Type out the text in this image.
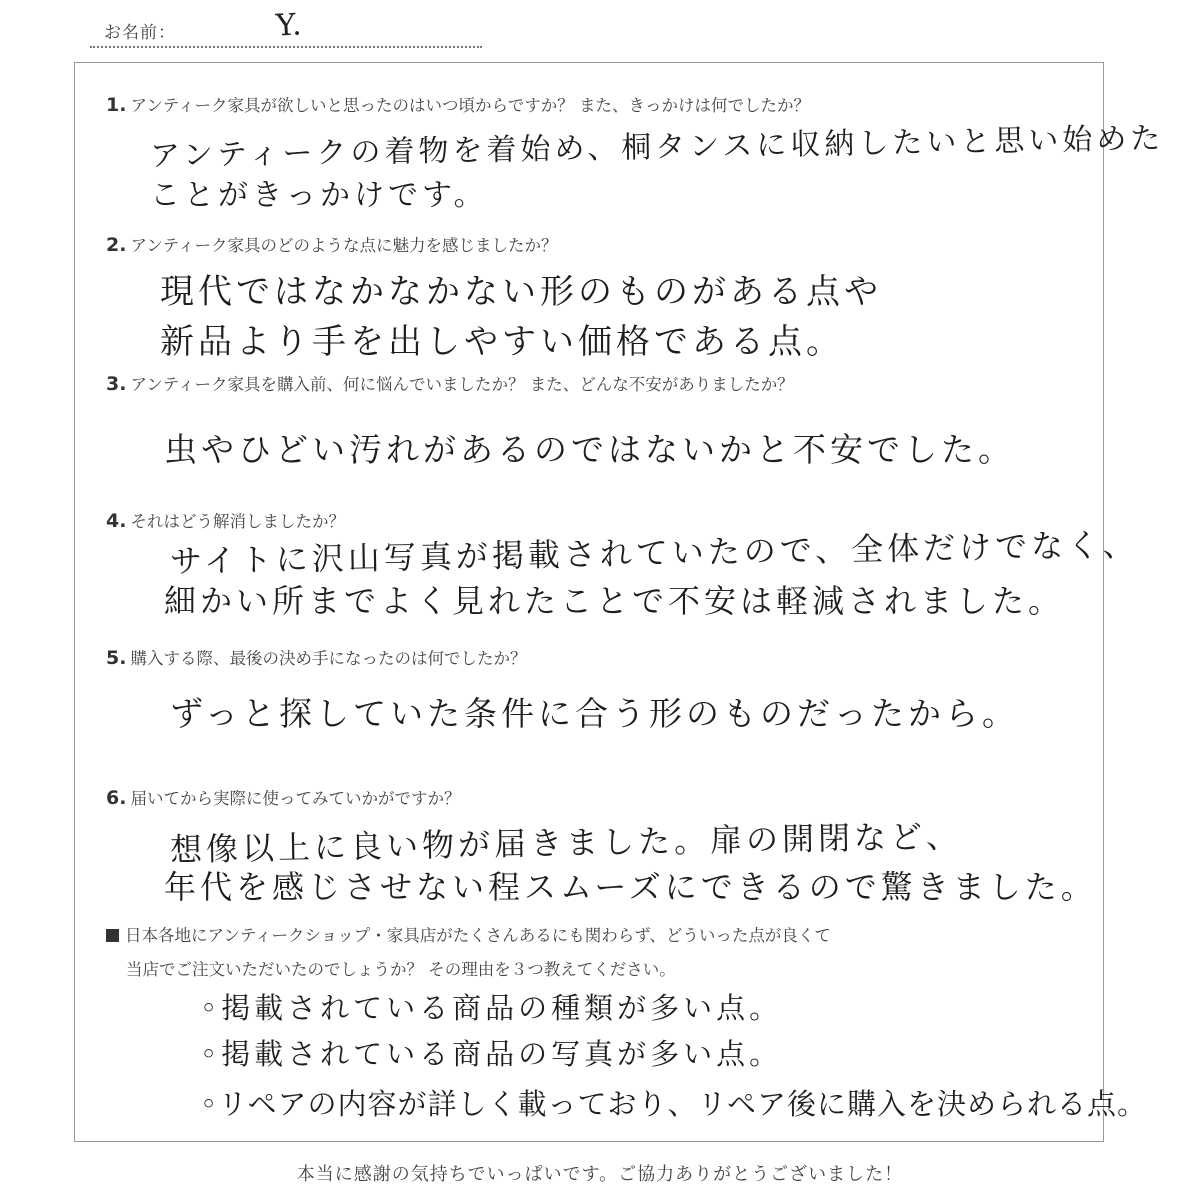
お名前：	Y.
1. アンティーク家具が欲しいと思ったのはいつ頃からですか？ また、きっかけは何でしたか？
アンティークの着物を着始め、桐タンスに収納したいと思い始めた
ことがきっかけです。
2. アンティーク家具のどのような点に魅力を感じましたか？
現代ではなかなかない形のものがある点や
新品より手を出しやすい価格である点。
3. アンティーク家具を購入前、何に悩んでいましたか？ また、どんな不安がありましたか？
虫やひどい汚れがあるのではないかと不安でした。
4. それはどう解消しましたか？
サイトに沢山写真が掲載されていたので、全体だけでなく、
細かい所までよく見れたことで不安は軽減されました。
5. 購入する際、最後の決め手になったのは何でしたか？
ずっと探していた条件に合う形のものだったから。
6. 届いてから実際に使ってみていかがですか？
想像以上に良い物が届きました。扉の開閉など、
年代を感じさせない程スムーズにできるので驚きました。
日本各地にアンティークショップ・家具店がたくさんあるにも関わらず、どういった点が良くて
当店でご注文いただいたのでしょうか？ その理由を３つ教えてください。
◦掲載されている商品の種類が多い点。
◦掲載されている商品の写真が多い点。
◦リペアの内容が詳しく載っており、リペア後に購入を決められる点。
本当に感謝の気持ちでいっぱいです。ご協力ありがとうございました！
